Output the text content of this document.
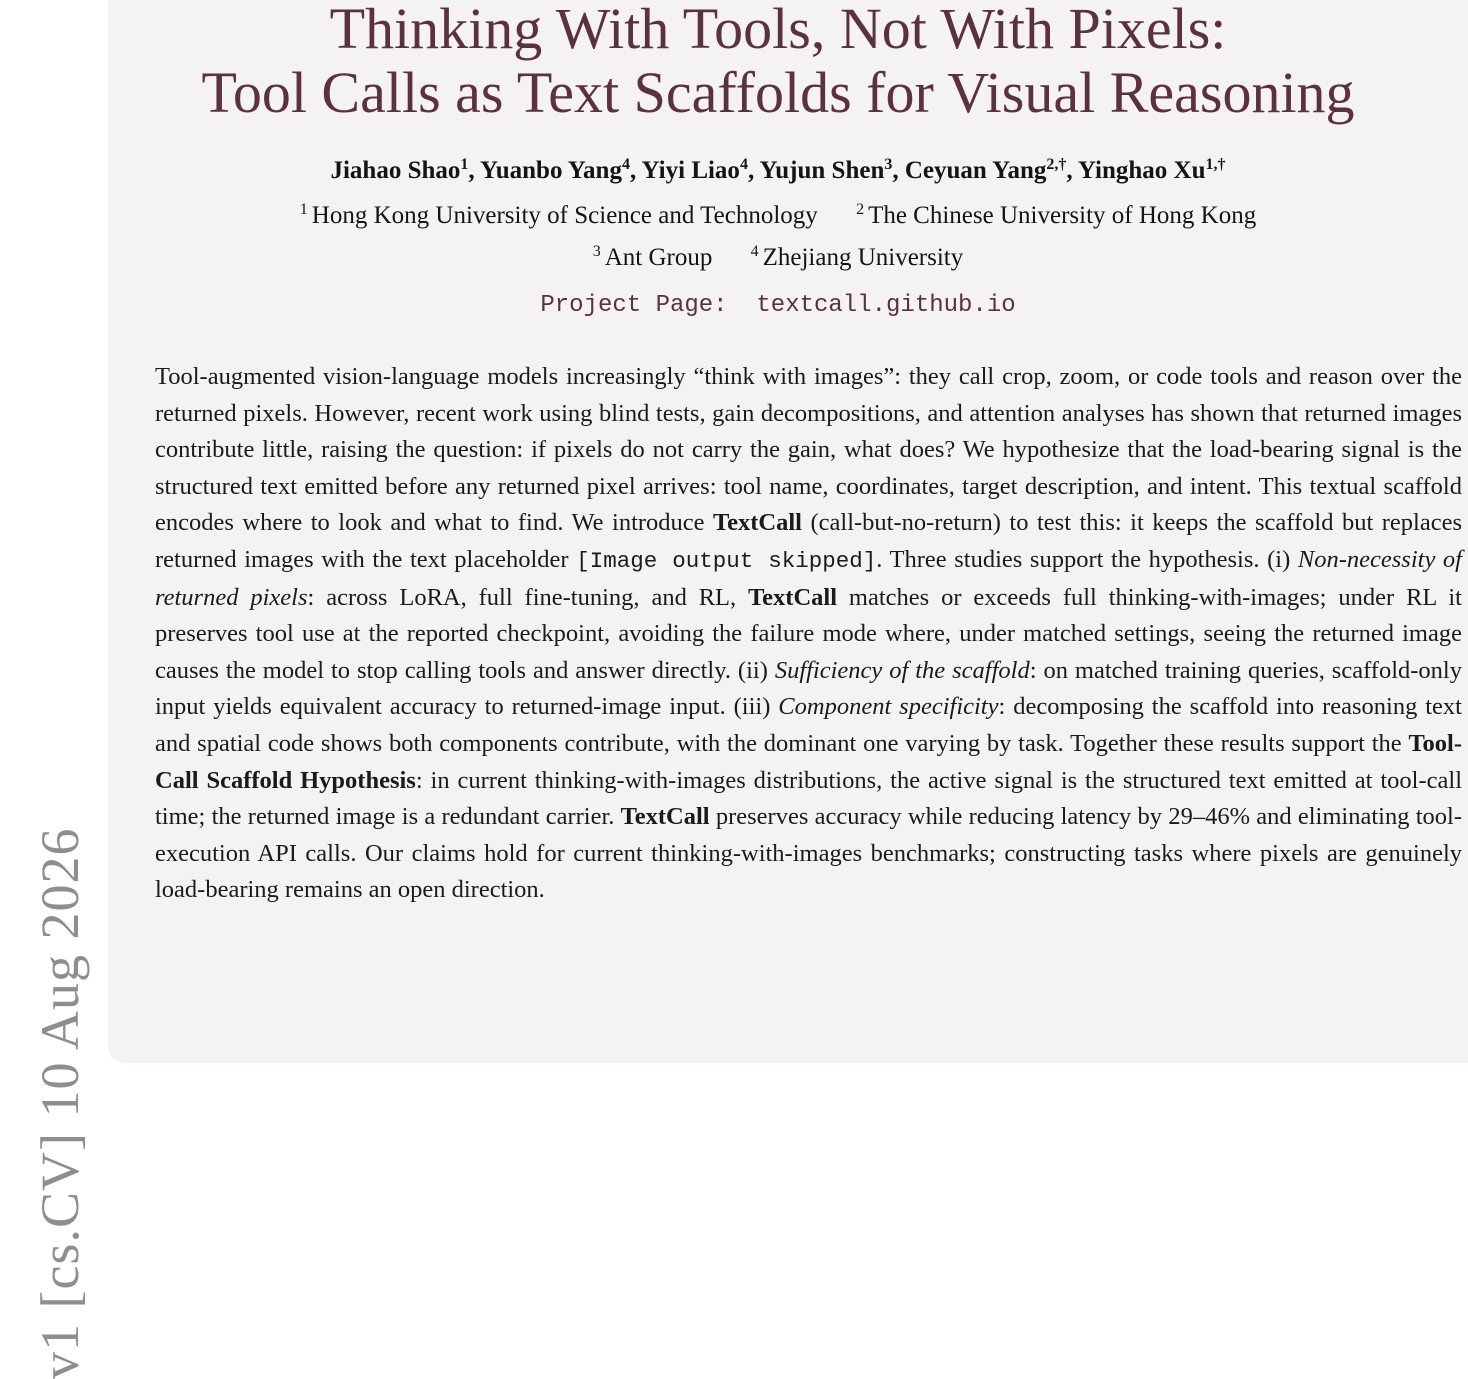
v1 [cs.CV] 10 Aug 2026
Thinking With Tools, Not With Pixels:
Tool Calls as Text Scaffolds for Visual Reasoning
Jiahao Shao$^1$, Yuanbo Yang$^4$, Yiyi Liao$^4$, Yujun Shen$^3$, Ceyuan Yang$^{2,\dagger}$, Yinghao $Xu^{1,\dagger}$
$^1$ Hong Kong University of Science and Technology $^2$ The Chinese University of Hong Kong
$^3$ Ant Group $^4$ Zhejiang University
Project Page: textcall.github.io
Tool-augmented vision-language models increasingly “think with images”: they call crop, zoom, or code tools and reason over the returned pixels. However, recent work using blind tests, gain decompositions, and attention analyses has shown that returned images contribute little, raising the question: if pixels do not carry the gain, what does? We hypothesize that the load-bearing signal is the structured text emitted before any returned pixel arrives: tool name, coordinates, target description, and intent. This textual scaffold encodes where to look and what to find. We introduce TextCall (call-but-no-return) to test this: it keeps the scaffold but replaces returned images with the text placeholder [Image output skipped]. Three studies support the hypothesis. (i) Non-necessity of returned pixels: across LoRA, full fine-tuning, and RL, TextCall matches or exceeds full thinking-with-images; under RL it preserves tool use at the reported checkpoint, avoiding the failure mode where, under matched settings, seeing the returned image causes the model to stop calling tools and answer directly. (ii) Sufficiency of the scaffold: on matched training queries, scaffold-only input yields equivalent accuracy to returned-image input. (iii) Component specificity: decomposing the scaffold into reasoning text and spatial code shows both components contribute, with the dominant one varying by task. Together these results support the Tool-Call Scaffold Hypothesis: in current thinking-with-images distributions, the active signal is the structured text emitted at tool-call time; the returned image is a redundant carrier. TextCall preserves accuracy while reducing latency by 29–46% and eliminating tool-execution API calls. Our claims hold for current thinking-with-images benchmarks; constructing tasks where pixels are genuinely load-bearing remains an open direction.
